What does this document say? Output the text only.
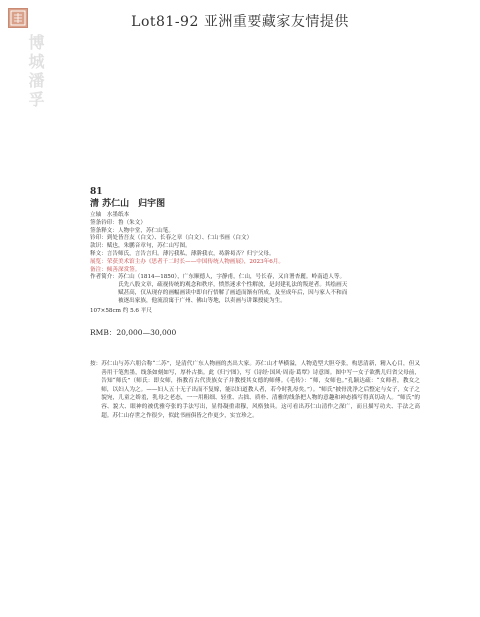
博城潘孚
Lot81-92 亚洲重要藏家友情提供
81
清 苏仁山　归宇图
立轴　水墨纸本
签条钤印：鲁（朱文）
签条释文：人物中堂，苏仁山笔。
钤印：到处皆吾友（白文）、长春之章（白文）、仁山书画（白文）
款识：赋也，朱鹏音章句，苏仁山写图。
释文：言告师氏，言告言归。薄污我私，薄澣我衣，曷澣曷否？归宁父母。
展览：荣获美术馆主办《思者千二时长——中国传统人物画展》，2023年6月。
备注：倾善深赏签。
作者简介： 苏仁山（1814—1850），广东顺德人，字静甫，仁山，号长春，又自署杏麗。岭南道人等。氏先八股文章，疏视传统的观念和秩序，愤然迷求个性解放，是封建礼法的叛逆者。其绘画天赋甚高，仅从现存的画幅画读中即自行悟解了画道而渐有所成，及至成年后，因与家人不和而被逐出家族，他流浪寓于广州、佛山等地，以卖画与讲课授徒为生。
107×58cm 约 5.6 平尺
RMB：20,000—30,000
按： 苏仁山与苏六朋合称“二苏”，是清代广东人物画的杰出大家。苏仁山才华横溢，人物造型大胆夸张，构思清新，精入心目，但又善用干笔焦墨，线条如刻如写，厚朴古拙。此《归宁图》，写《诗经·国风·周南·葛覃》诗意图。图中写一女子欲携儿归省父母前，告知“师氏”（师氏：即女师，指教育古代贵族女子并教授其女德的师傅。《毛传》：“师，女师也。”孔颖达疏：“女师者，教女之师，以妇人为之。——妇人五十无子出而不复嫁，能以妇道教人者，若今时乳母矣。”）。“师氏”披骨洗净之后整定与女子，女子之貌宛，儿童之娇羞，乳母之老态，一一用粗细、轻重、古拙、质朴、清雅的线条把人物的意趣和神态描写得真切动人。“师氏”的容、貌大、眼神的被优雅夸张的手法写出，显得凝重肃穆，风格独具。这可看出苏仁山清作之深广，而且描写功夫、手法之高超。苏仁山存世之作很少，似此书画俱皆之作更少，实宜珍之。
